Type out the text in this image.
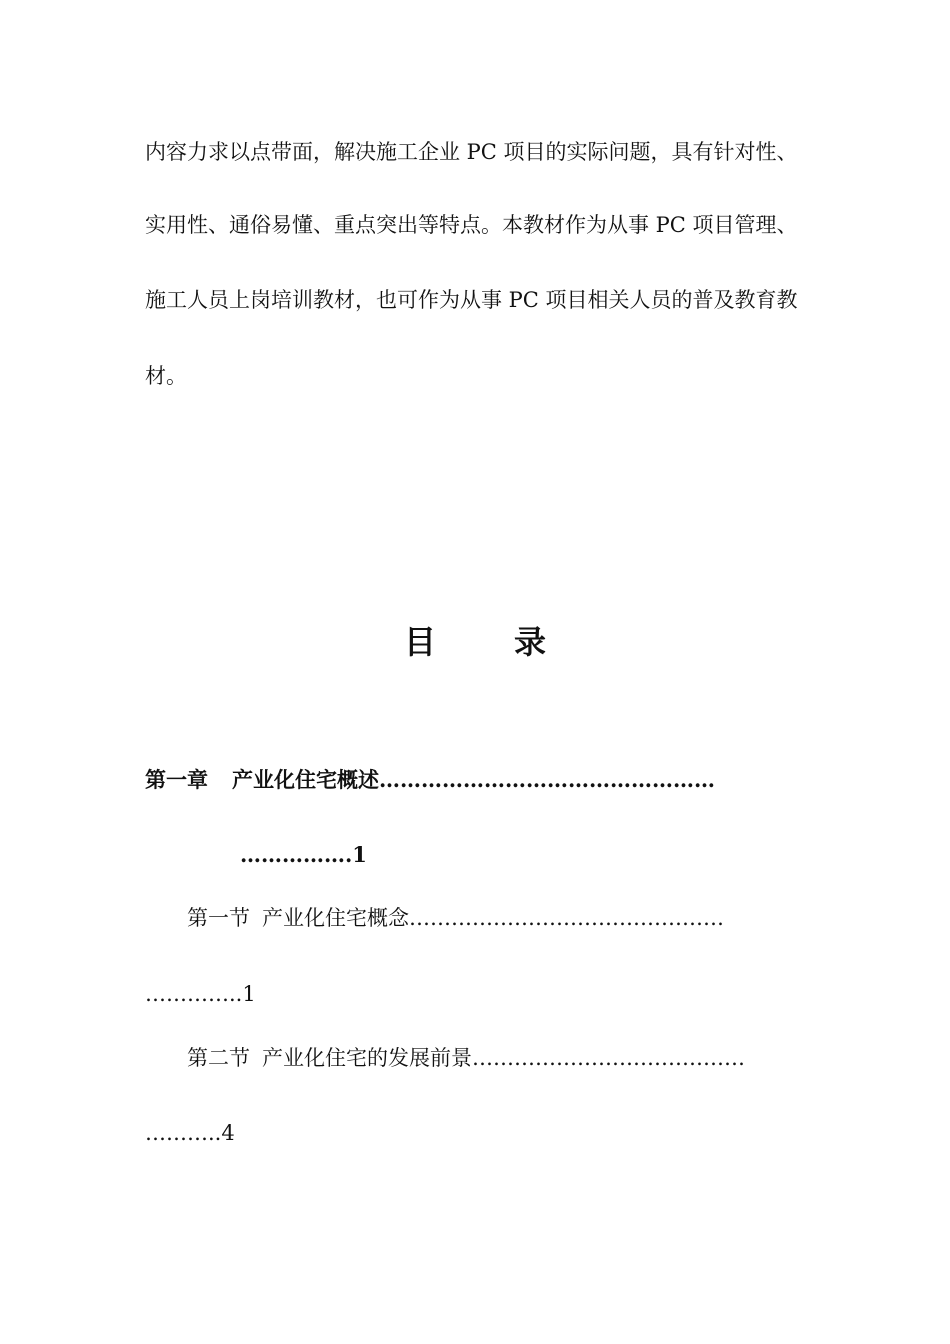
内容力求以点带面，解决施工企业 PC 项目的实际问题，具有针对性、
实用性、通俗易懂、重点突出等特点。本教材作为从事 PC 项目管理、
施工人员上岗培训教材，也可作为从事 PC 项目相关人员的普及教育教
材。
目       录
第一章 产业化住宅概述…………………………………………
…………….1
第一节 产业化住宅概念………………………………………
…………..1
第二节 产业化住宅的发展前景…………………………………
………..4
